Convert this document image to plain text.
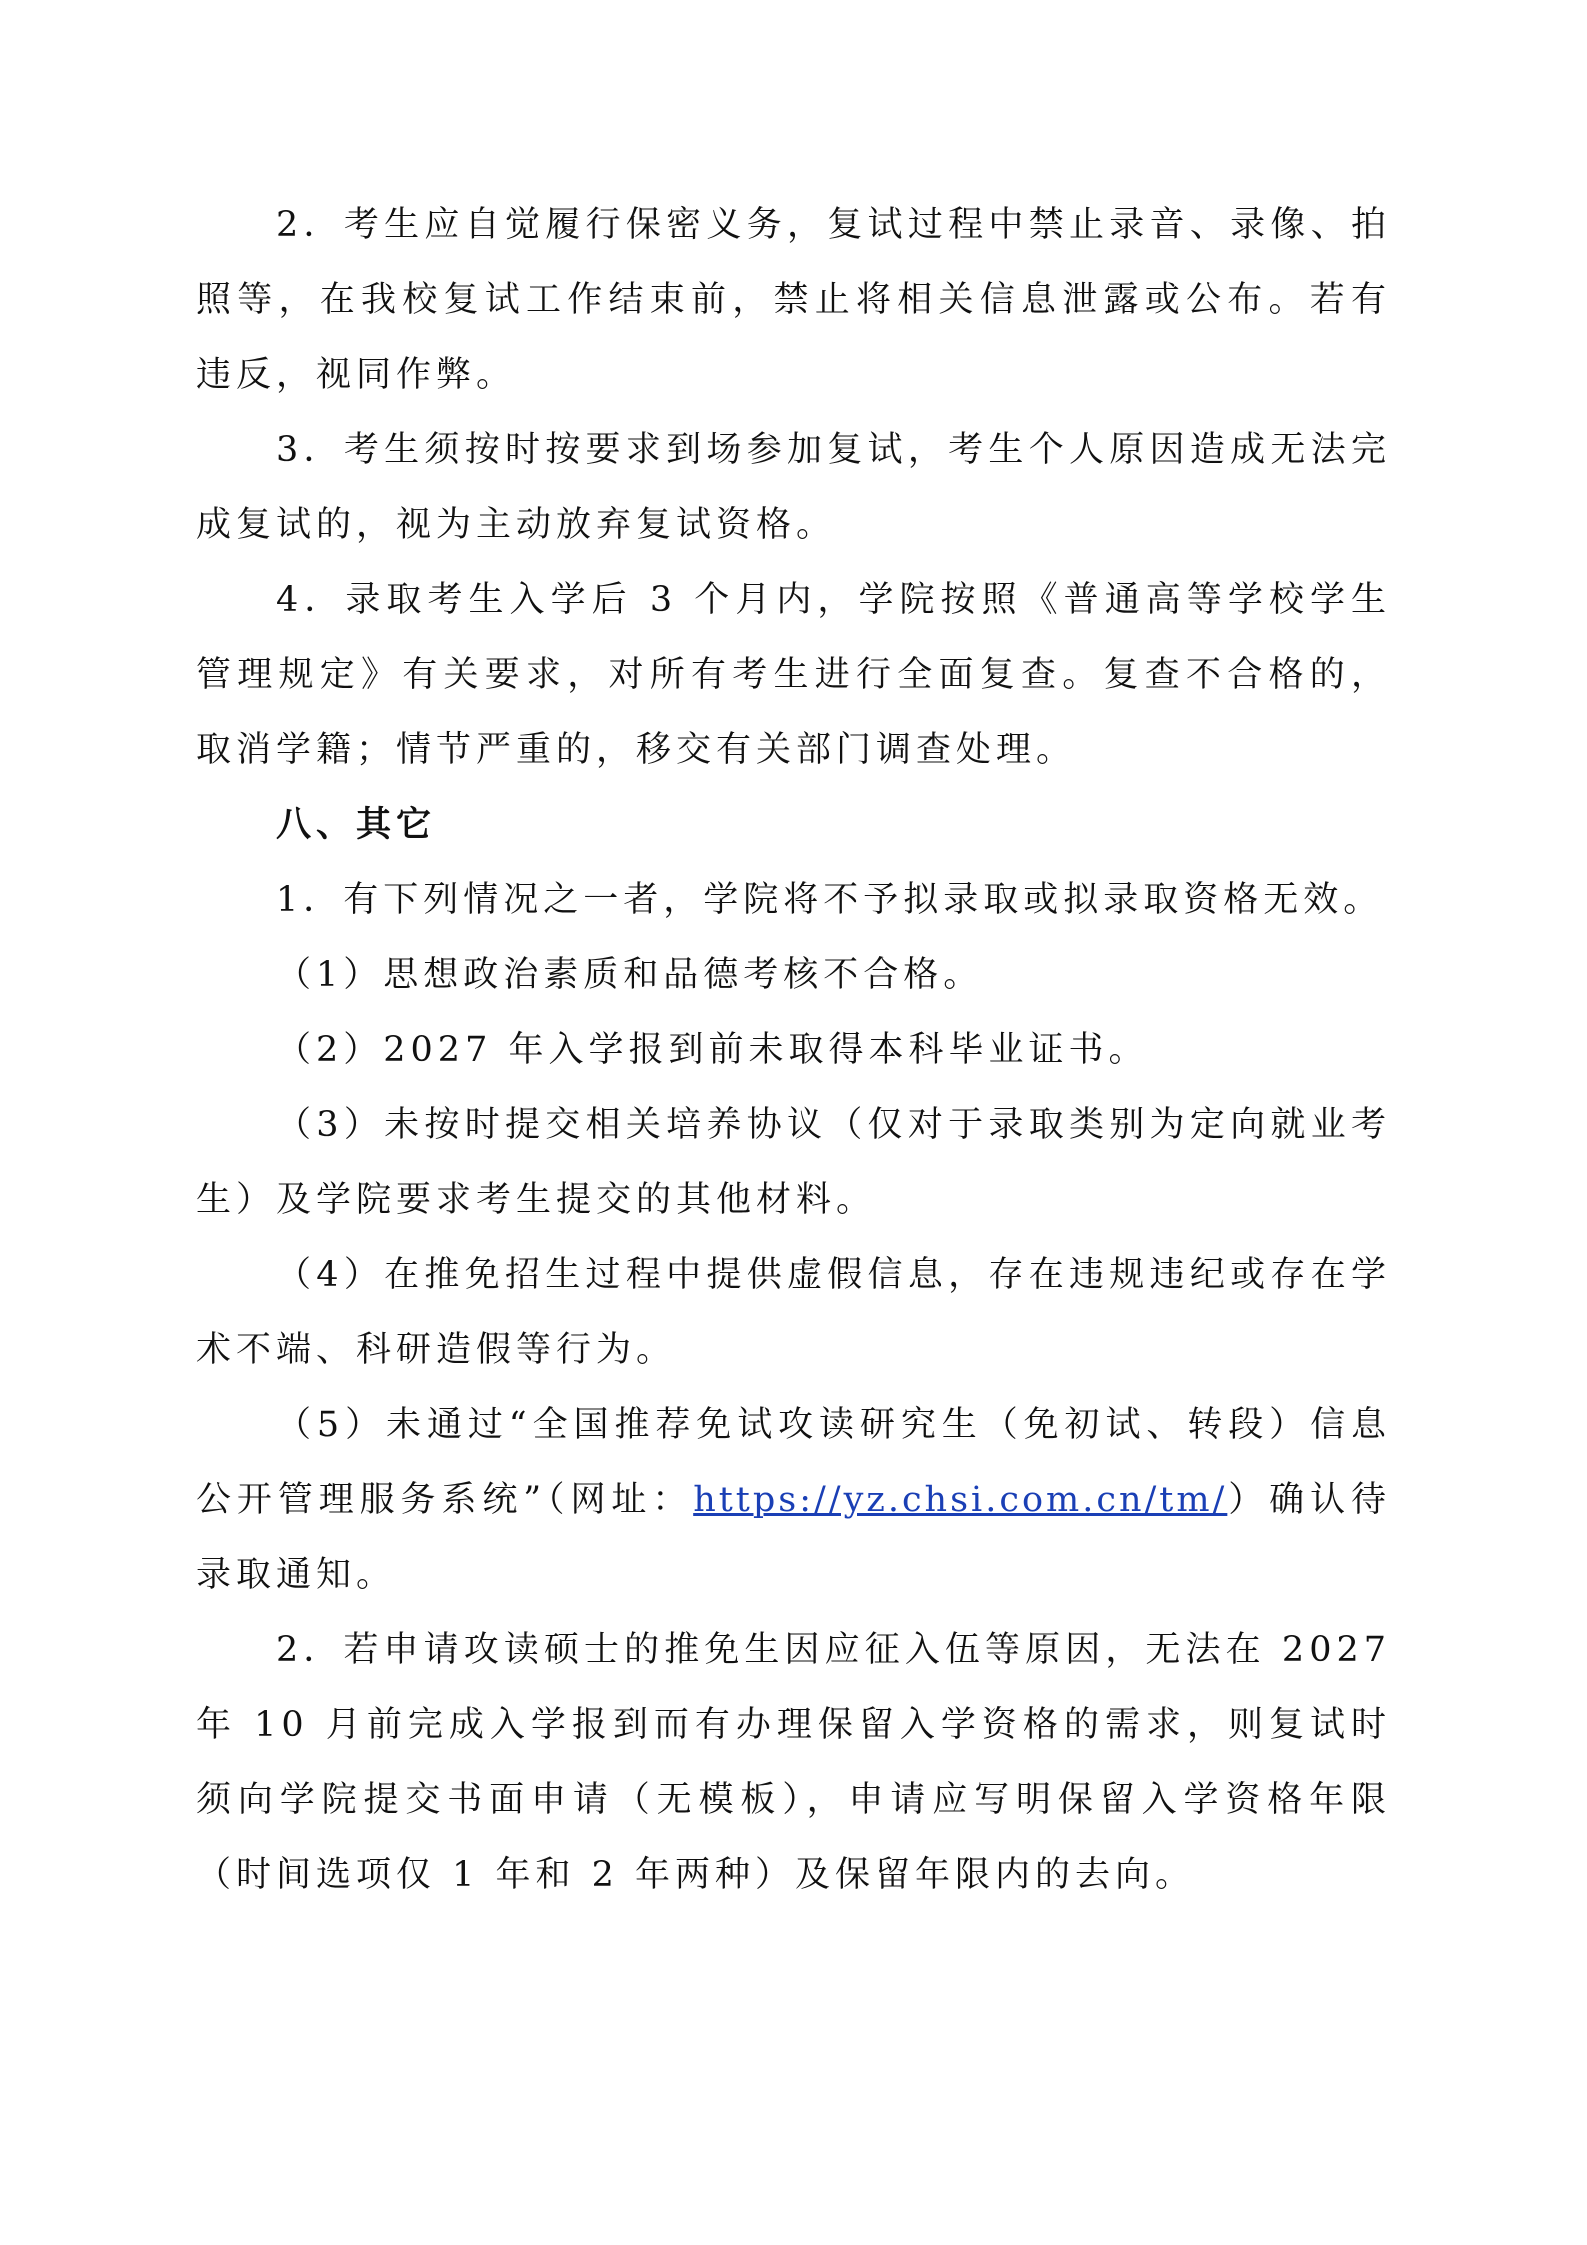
2．考生应自觉履行保密义务，复试过程中禁止录音、录像、拍照等，在我校复试工作结束前，禁止将相关信息泄露或公布。若有违反，视同作弊。

3．考生须按时按要求到场参加复试，考生个人原因造成无法完成复试的，视为主动放弃复试资格。

4．录取考生入学后 3 个月内，学院按照《普通高等学校学生管理规定》有关要求，对所有考生进行全面复查。复查不合格的，取消学籍；情节严重的，移交有关部门调查处理。

八、其它

1．有下列情况之一者，学院将不予拟录取或拟录取资格无效。

（1）思想政治素质和品德考核不合格。

（2）2027 年入学报到前未取得本科毕业证书。

（3）未按时提交相关培养协议（仅对于录取类别为定向就业考生）及学院要求考生提交的其他材料。

（4）在推免招生过程中提供虚假信息，存在违规违纪或存在学术不端、科研造假等行为。

（5）未通过“全国推荐免试攻读研究生（免初试、转段）信息公开管理服务系统”（网址：https://yz.chsi.com.cn/tm/）确认待录取通知。

2．若申请攻读硕士的推免生因应征入伍等原因，无法在 2027 年 10 月前完成入学报到而有办理保留入学资格的需求，则复试时须向学院提交书面申请（无模板），申请应写明保留入学资格年限（时间选项仅 1 年和 2 年两种）及保留年限内的去向。
